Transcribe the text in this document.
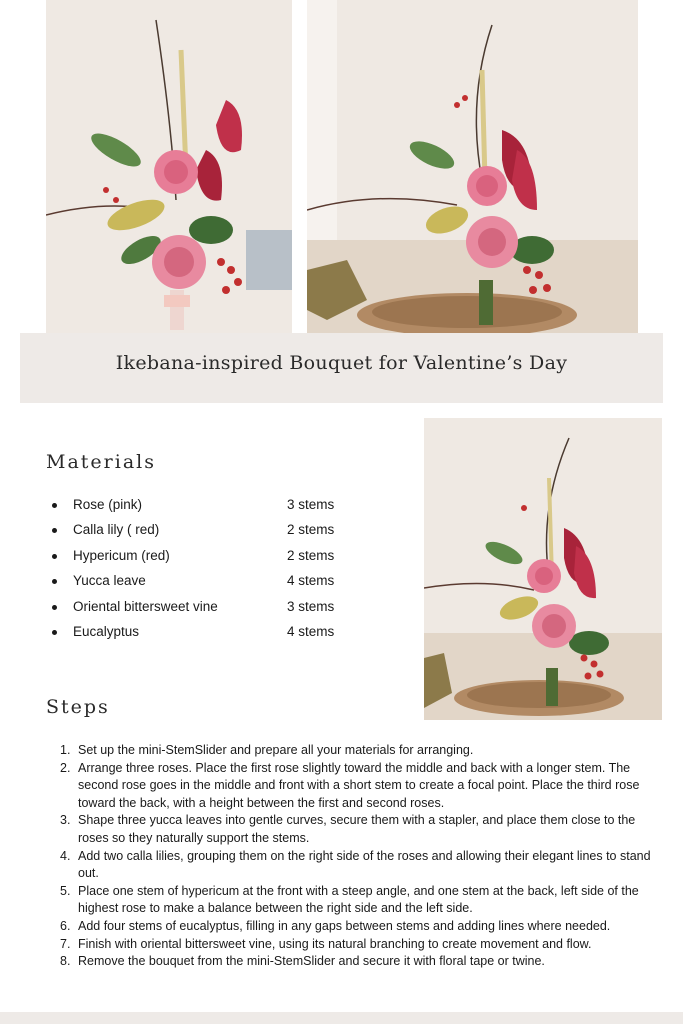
Ikebana-inspired Bouquet for Valentine’s Day
Materials
Rose (pink)	3 stems
Calla lily ( red)	2 stems
Hypericum (red)	2 stems
Yucca leave	4 stems
Oriental bittersweet vine	3 stems
Eucalyptus	4 stems
Steps
1. Set up the mini-StemSlider and prepare all your materials for arranging.
2. Arrange three roses. Place the first rose slightly toward the middle and back with a longer stem. The second rose goes in the middle and front with a short stem to create a focal point. Place the third rose toward the back, with a height between the first and second roses.
3. Shape three yucca leaves into gentle curves, secure them with a stapler, and place them close to the roses so they naturally support the stems.
4. Add two calla lilies, grouping them on the right side of the roses and allowing their elegant lines to stand out.
5. Place one stem of hypericum at the front with a steep angle, and one stem at the back, left side of the highest rose to make a balance between the right side and the left side.
6. Add four stems of eucalyptus, filling in any gaps between stems and adding lines where needed.
7. Finish with oriental bittersweet vine, using its natural branching to create movement and flow.
8. Remove the bouquet from the mini-StemSlider and secure it with floral tape or twine.
